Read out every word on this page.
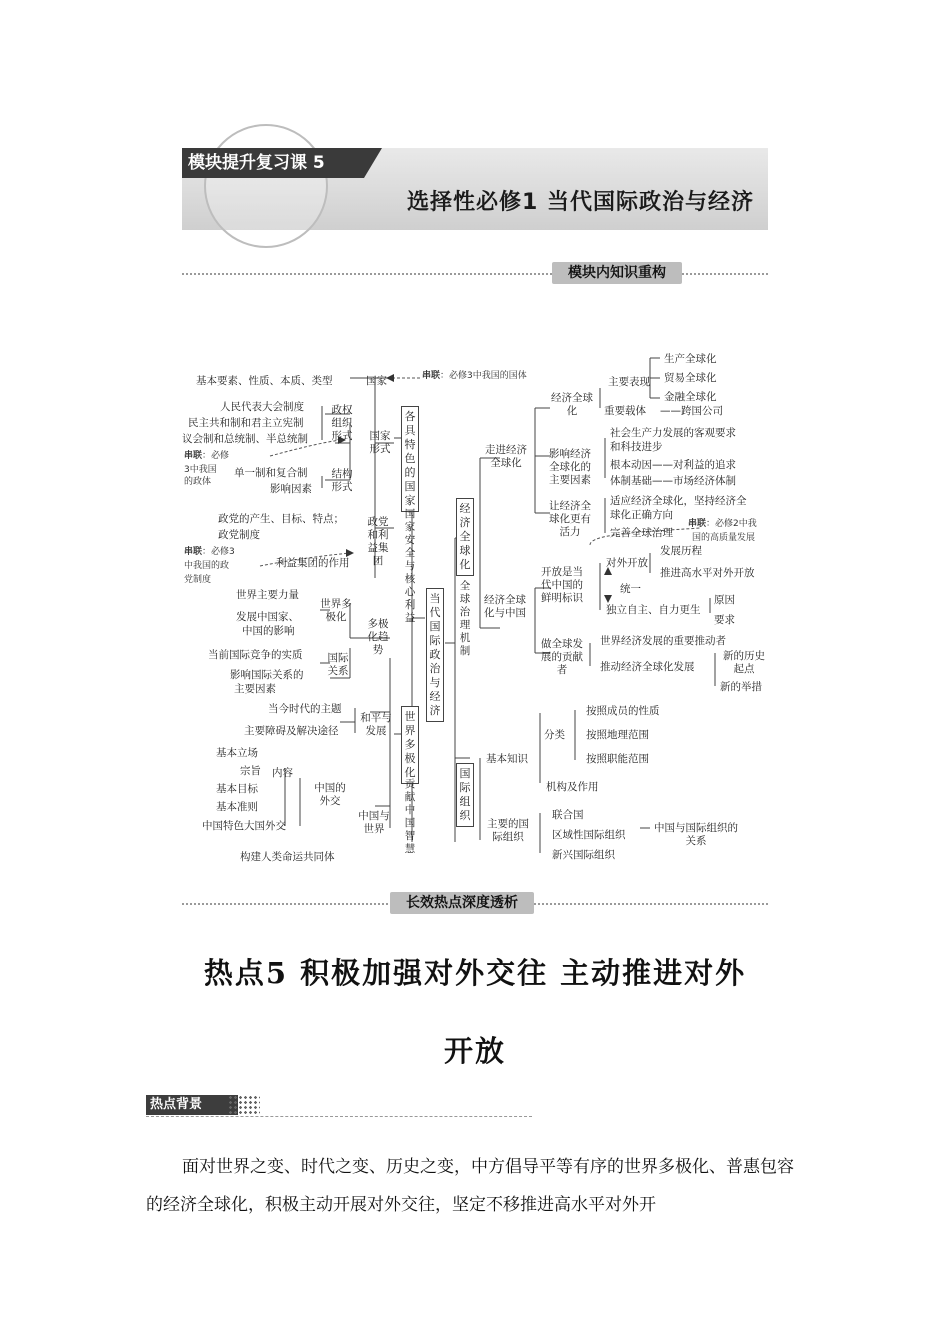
模块提升复习课 5
选择性必修1 当代国际政治与经济
模块内知识重构
当代国际政治与经济
各具特色的国家
国家安全与核心利益
世界多极化
贡献中国智慧
经济全球化
全球治理机制
国际组织
串联：必修3中我国的国体
国家
基本要素、性质、本质、类型
国家形式
政权组织形式
人民代表大会制度
民主共和制和君主立宪制
议会制和总统制、半总统制
串联：必修
3中我国的政体
结构形式
单一制和复合制
影响因素
政党和利益集团
政党的产生、目标、特点；
政党制度
串联：必修3
中我国的政
党制度
利益集团的作用
多极化趋势
世界多极化
世界主要力量
发展中国家、
中国的影响
国际关系
当前国际竞争的实质
影响国际关系的
主要因素
和平与发展
当今时代的主题
主要障碍及解决途径
中国与世界
中国的外交
内容
基本立场
宗旨
基本目标
基本准则
中国特色大国外交
构建人类命运共同体
走进经济全球化
经济全球化
主要表现
生产全球化
贸易全球化
金融全球化
重要载体 ——跨国公司
影响经济全球化的主要因素
社会生产力发展的客观要求
和科技进步
根本动因——对利益的追求
体制基础——市场经济体制
让经济全球化更有活力
适应经济全球化，坚持经济全
球化正确方向
完善全球治理
串联：必修2中我
国的高质量发展
经济全球化与中国
开放是当代中国的鲜明标识
对外开放
发展历程
推进高水平对外开放
统一
独立自主、自力更生
原因
要求
做全球发展的贡献者
世界经济发展的重要推动者
推动经济全球化发展
新的历史起点
新的举措
基本知识
分类
按照成员的性质
按照地理范围
按照职能范围
机构及作用
主要的国际组织
联合国
区域性国际组织
新兴国际组织
中国与国际组织的关系
长效热点深度透析
热点5 积极加强对外交往 主动推进对外
开放
热点背景
面对世界之变、时代之变、历史之变，中方倡导平等有序的世界多极化、普惠包容的经济全球化，积极主动开展对外交往，坚定不移推进高水平对外开
